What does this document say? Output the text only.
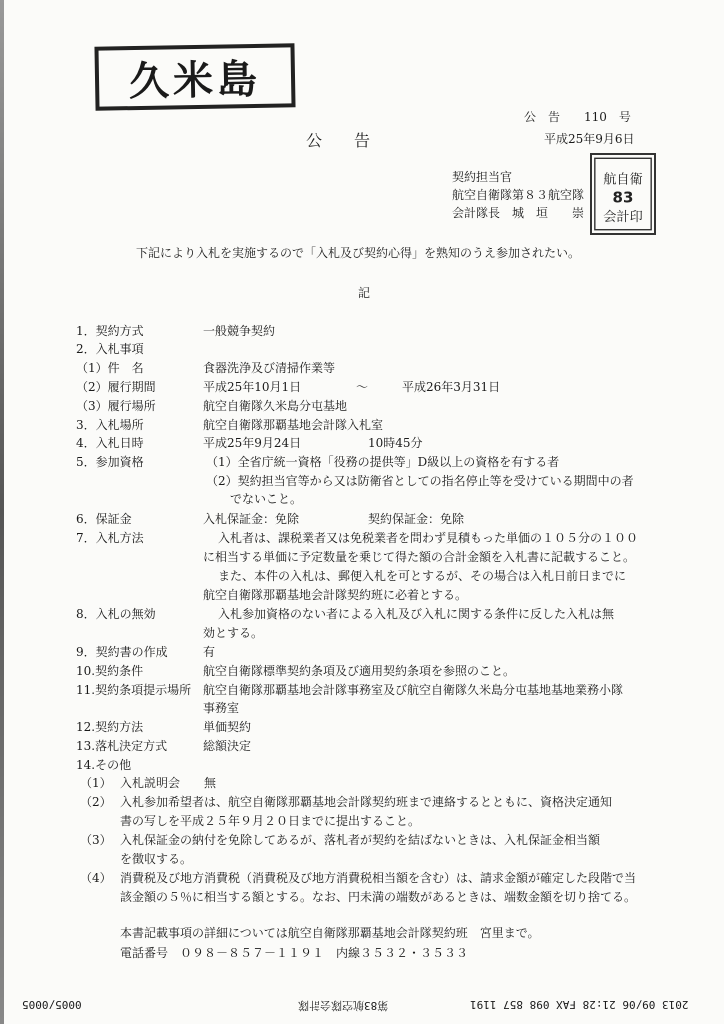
久米島
公　告　　110　号
公　　告	平成25年9月6日
契約担当官
航空自衛隊第８３航空隊
会計隊長　城　垣　　崇
航自衛
83
会計印
下記により入札を実施するので「入札及び契約心得」を熟知のうえ参加されたい。
記
1．契約方式	一般競争契約
2．入札事項
（1）件　名	食器洗浄及び清掃作業等
（2）履行期間	平成25年10月1日	～	平成26年3月31日
（3）履行場所	航空自衛隊久米島分屯基地
3．入札場所	航空自衛隊那覇基地会計隊入札室
4．入札日時	平成25年9月24日	10時45分
5．参加資格	（1）全省庁統一資格「役務の提供等」D級以上の資格を有する者
（2）契約担当官等から又は防衛省としての指名停止等を受けている期間中の者
でないこと。
6．保証金	入札保証金：免除	契約保証金：免除
7．入札方法	入札者は、課税業者又は免税業者を問わず見積もった単価の１０５分の１００
に相当する単価に予定数量を乗じて得た額の合計金額を入札書に記載すること。
また、本件の入札は、郵便入札を可とするが、その場合は入札日前日までに
航空自衛隊那覇基地会計隊契約班に必着とする。
8．入札の無効	入札参加資格のない者による入札及び入札に関する条件に反した入札は無
効とする。
9．契約書の作成	有
10.契約条件	航空自衛隊標準契約条項及び適用契約条項を参照のこと。
11.契約条項提示場所 航空自衛隊那覇基地会計隊事務室及び航空自衛隊久米島分屯基地基地業務小隊
事務室
12.契約方法	単価契約
13.落札決定方式	総額決定
14.その他
（1） 入札説明会　　無
（2） 入札参加希望者は、航空自衛隊那覇基地会計隊契約班まで連絡するとともに、資格決定通知
書の写しを平成２５年９月２０日までに提出すること。
（3） 入札保証金の納付を免除してあるが、落札者が契約を結ばないときは、入札保証金相当額
を徴収する。
（4） 消費税及び地方消費税（消費税及び地方消費税相当額を含む）は、請求金額が確定した段階で当
該金額の５％に相当する額とする。なお、円未満の端数があるときは、端数金額を切り捨てる。
本書記載事項の詳細については航空自衛隊那覇基地会計隊契約班　宮里まで。
電話番号　０９８－８５７－１１９１　内線３５３２・３５３３
0005/0005	第83航空隊会計隊	2013 09/06 21:28 FAX 098 857 1191
